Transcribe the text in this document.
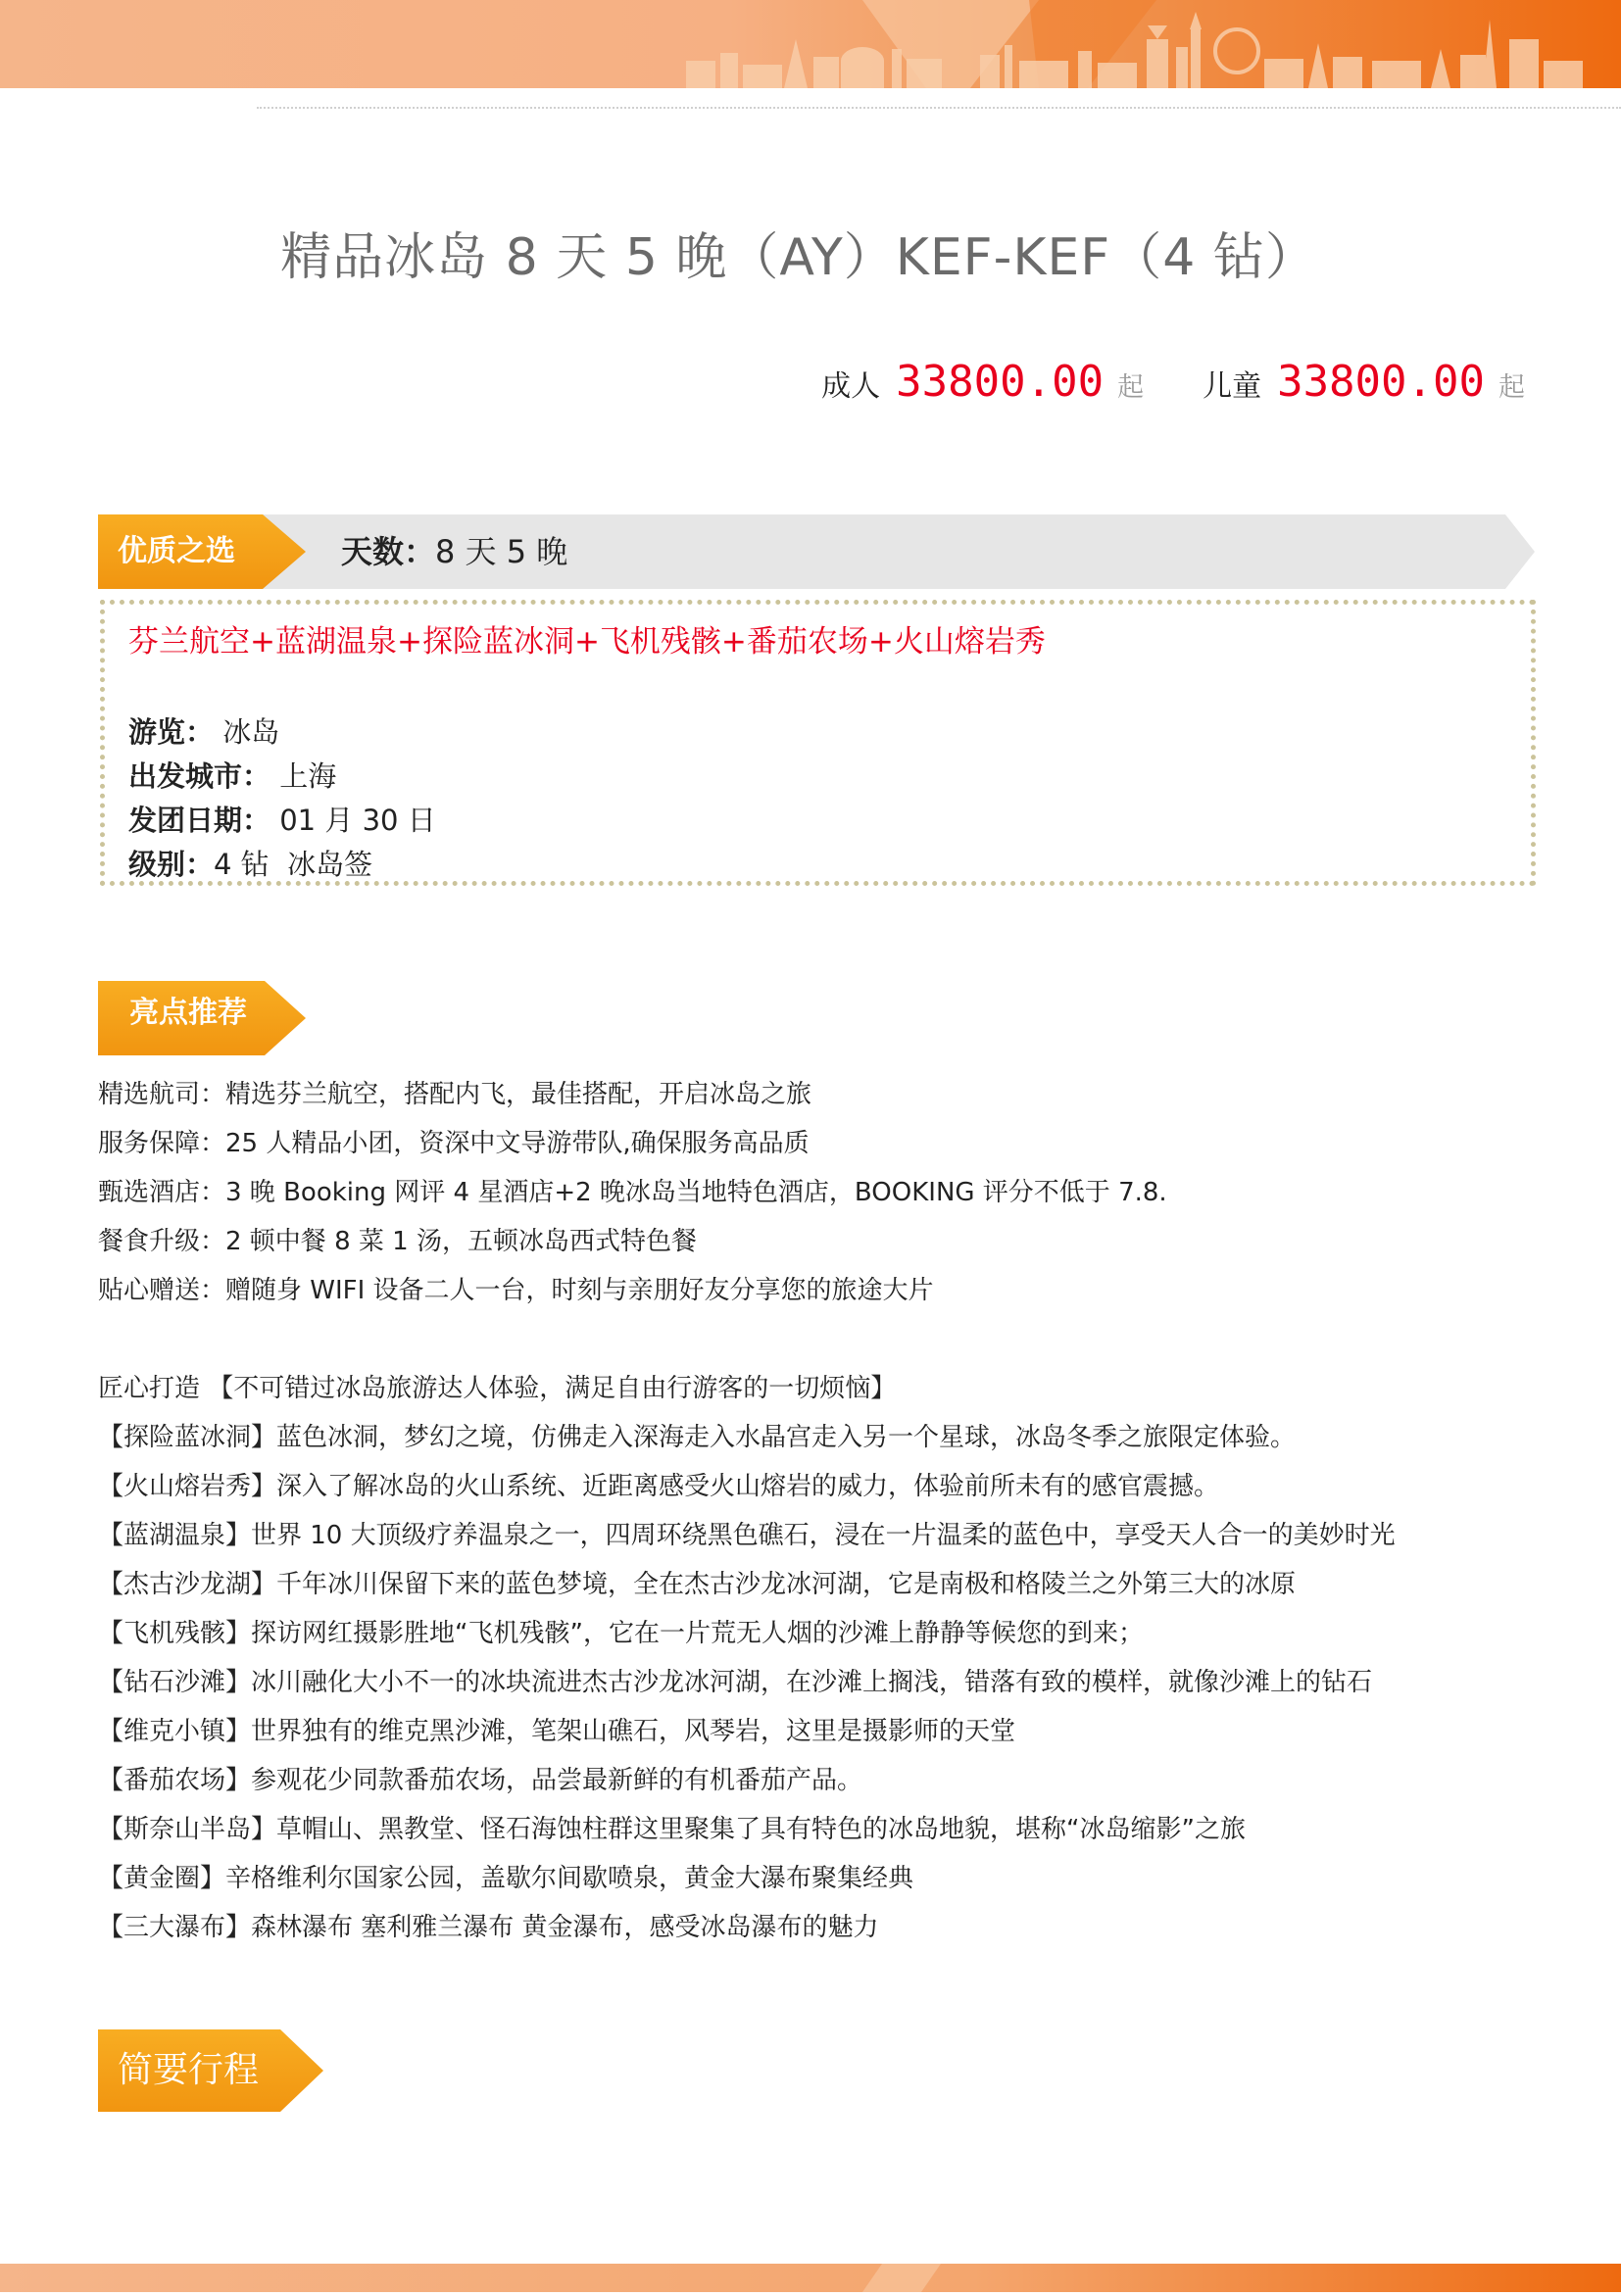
精品冰岛 8 天 5 晚（AY）KEF-KEF（4 钻）
成人 33800.00 起 儿童 33800.00 起
优质之选	天数：8 天 5 晚
芬兰航空+蓝湖温泉+探险蓝冰洞+飞机残骸+番茄农场+火山熔岩秀
游览： 冰岛
出发城市： 上海
发团日期： 01 月 30 日
级别：4 钻  冰岛签
亮点推荐
精选航司：精选芬兰航空，搭配内飞，最佳搭配，开启冰岛之旅
服务保障：25 人精品小团，资深中文导游带队,确保服务高品质
甄选酒店：3 晚 Booking 网评 4 星酒店+2 晚冰岛当地特色酒店，BOOKING 评分不低于 7.8.
餐食升级：2 顿中餐 8 菜 1 汤，五顿冰岛西式特色餐
贴心赠送：赠随身 WIFI 设备二人一台，时刻与亲朋好友分享您的旅途大片
匠心打造 【不可错过冰岛旅游达人体验，满足自由行游客的一切烦恼】
【探险蓝冰洞】蓝色冰洞，梦幻之境，仿佛走入深海走入水晶宫走入另一个星球，冰岛冬季之旅限定体验。
【火山熔岩秀】深入了解冰岛的火山系统、近距离感受火山熔岩的威力，体验前所未有的感官震撼。
【蓝湖温泉】世界 10 大顶级疗养温泉之一，四周环绕黑色礁石，浸在一片温柔的蓝色中，享受天人合一的美妙时光
【杰古沙龙湖】千年冰川保留下来的蓝色梦境，全在杰古沙龙冰河湖，它是南极和格陵兰之外第三大的冰原
【飞机残骸】探访网红摄影胜地“飞机残骸”，它在一片荒无人烟的沙滩上静静等候您的到来；
【钻石沙滩】冰川融化大小不一的冰块流进杰古沙龙冰河湖，在沙滩上搁浅，错落有致的模样，就像沙滩上的钻石
【维克小镇】世界独有的维克黑沙滩，笔架山礁石，风琴岩，这里是摄影师的天堂
【番茄农场】参观花少同款番茄农场，品尝最新鲜的有机番茄产品。
【斯奈山半岛】草帽山、黑教堂、怪石海蚀柱群这里聚集了具有特色的冰岛地貌，堪称“冰岛缩影”之旅
【黄金圈】辛格维利尔国家公园，盖歇尔间歇喷泉，黄金大瀑布聚集经典
【三大瀑布】森林瀑布 塞利雅兰瀑布 黄金瀑布，感受冰岛瀑布的魅力
简要行程
